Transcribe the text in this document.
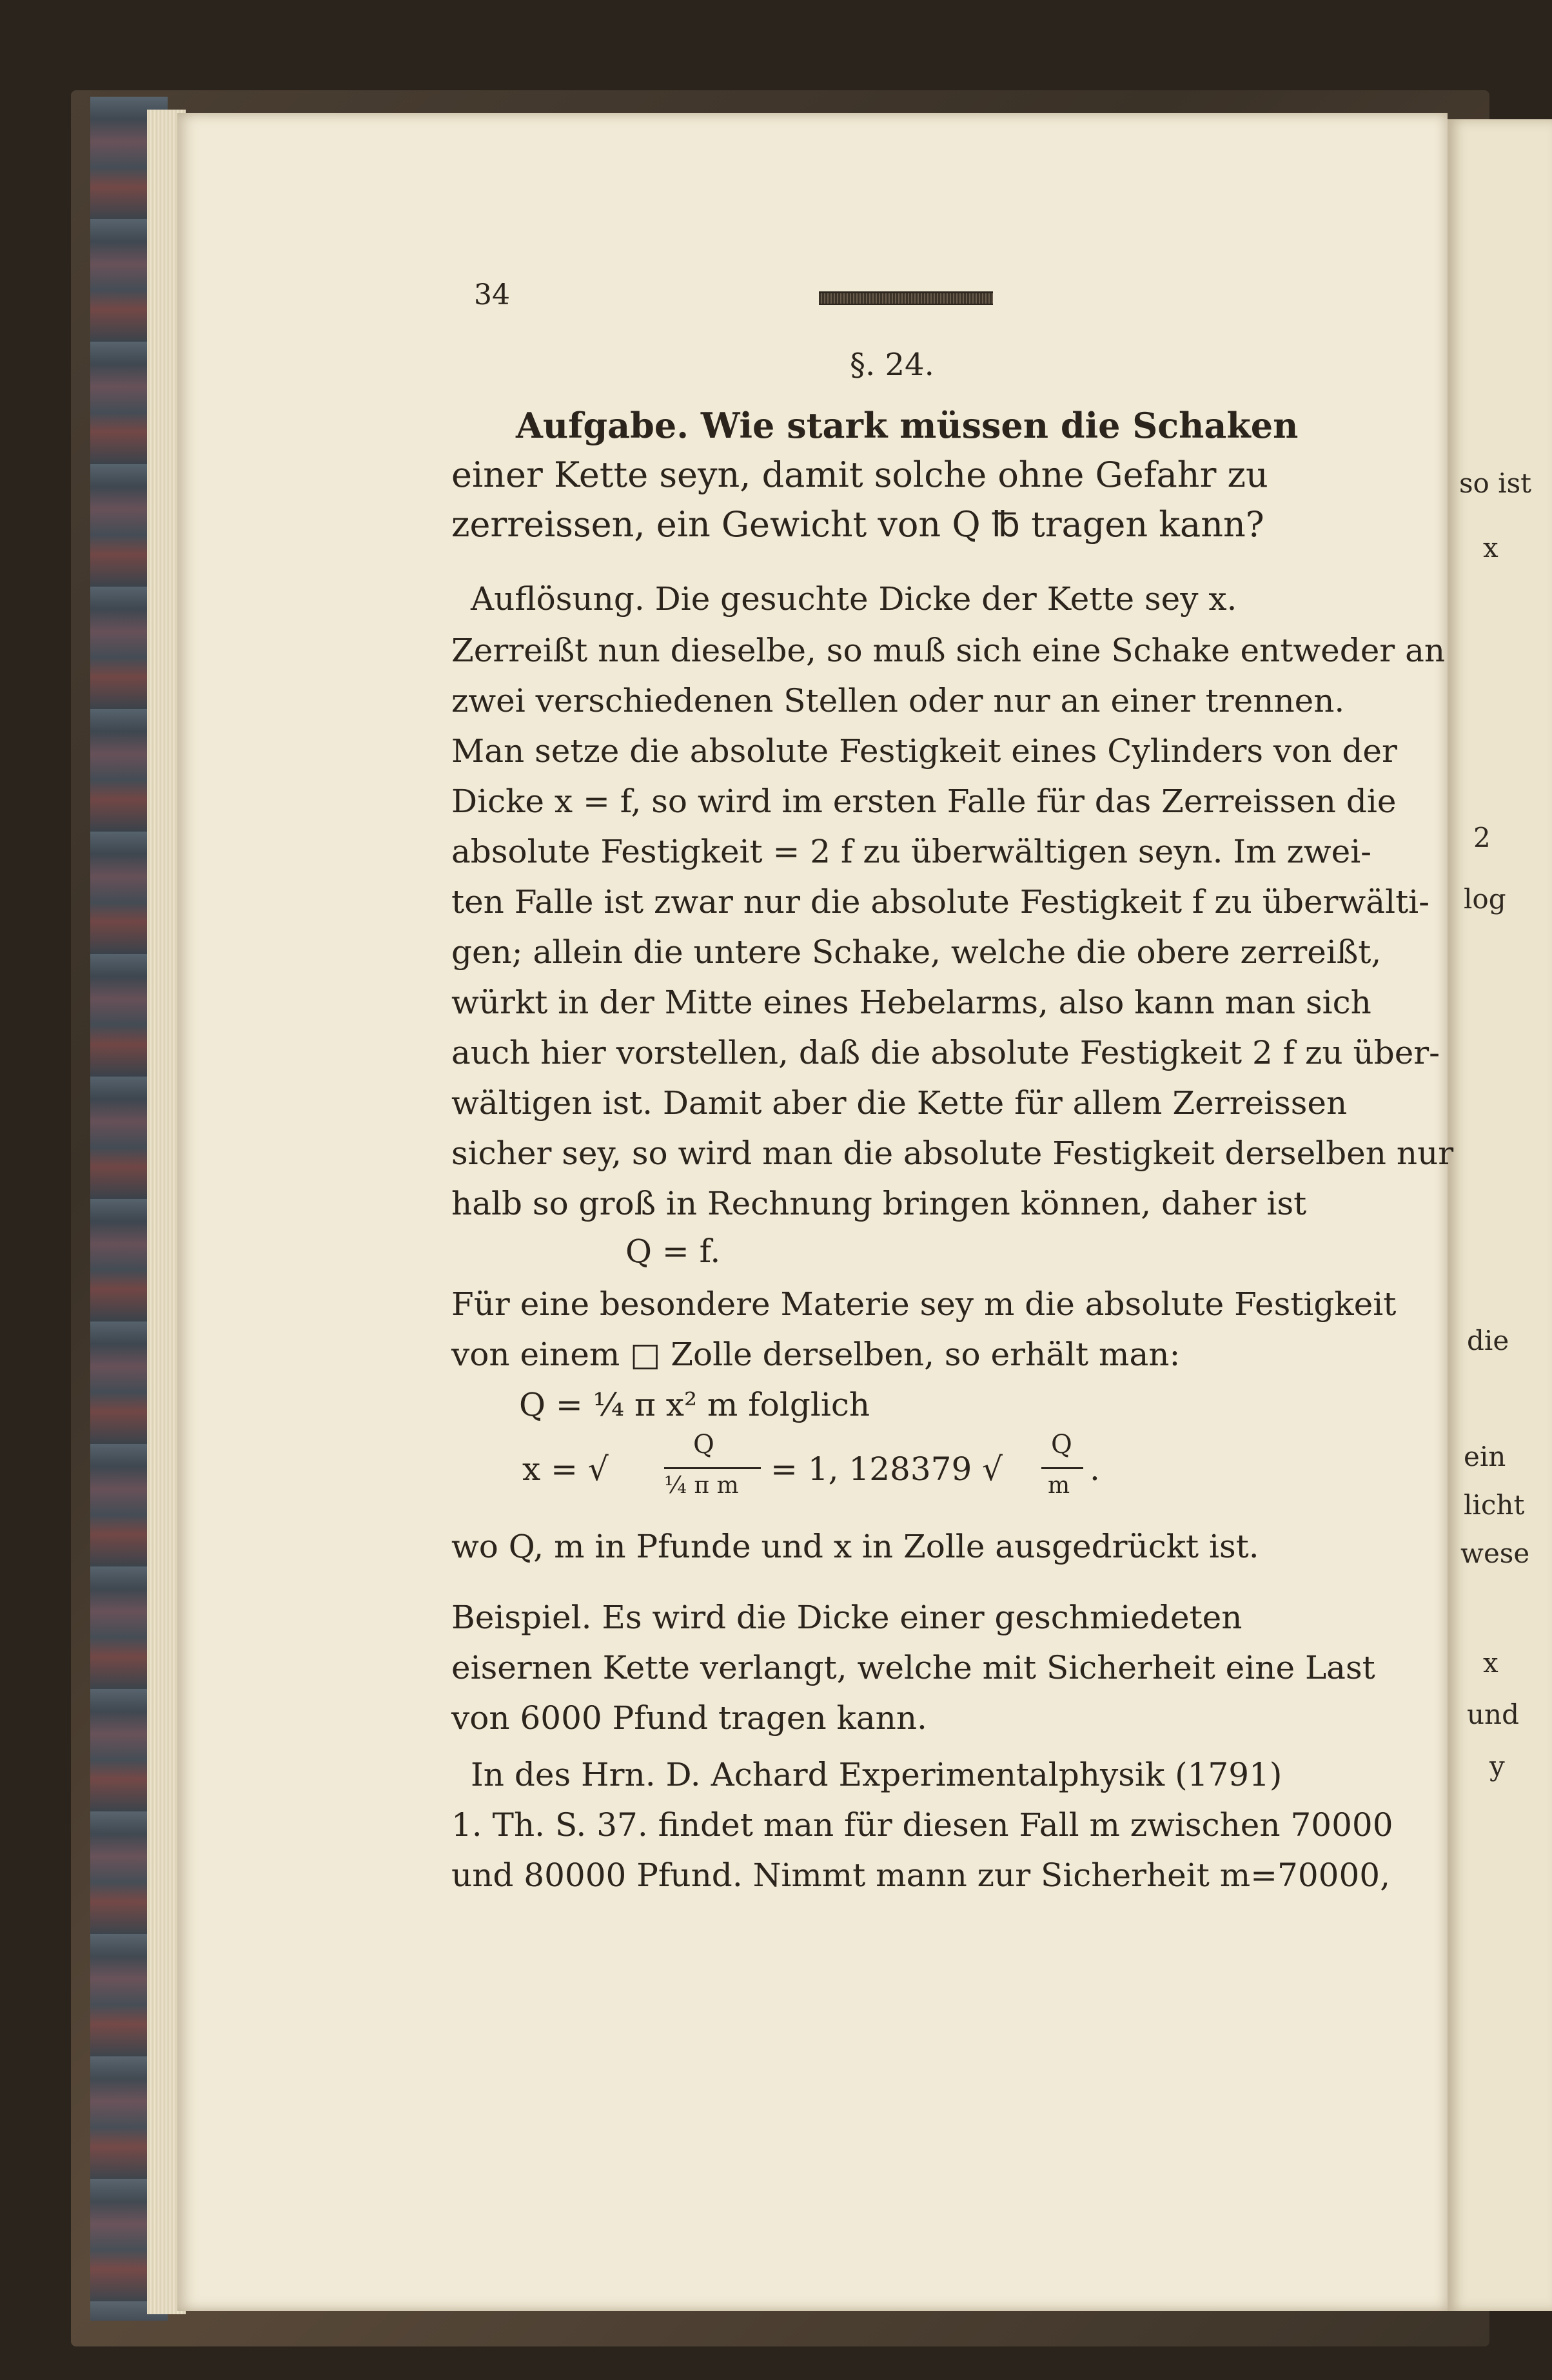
so ist
x
2
log
die
ein
licht
wese
x
und
y
34
§. 24.
Aufgabe. Wie stark müssen die Schaken
einer Kette seyn, damit solche ohne Gefahr zu
zerreissen, ein Gewicht von Q ℔ tragen kann?
Auflösung. Die gesuchte Dicke der Kette sey x.
Zerreißt nun dieselbe, so muß sich eine Schake entweder an
zwei verschiedenen Stellen oder nur an einer trennen.
Man setze die absolute Festigkeit eines Cylinders von der
Dicke x = f, so wird im ersten Falle für das Zerreissen die
absolute Festigkeit = 2 f zu überwältigen seyn. Im zwei-
ten Falle ist zwar nur die absolute Festigkeit f zu überwälti-
gen; allein die untere Schake, welche die obere zerreißt,
würkt in der Mitte eines Hebelarms, also kann man sich
auch hier vorstellen, daß die absolute Festigkeit 2 f zu über-
wältigen ist. Damit aber die Kette für allem Zerreissen
sicher sey, so wird man die absolute Festigkeit derselben nur
halb so groß in Rechnung bringen können, daher ist
Q = f.
Für eine besondere Materie sey m die absolute Festigkeit
von einem □ Zolle derselben, so erhält man:
Q = ¼ π x² m folglich
x = √
Q
¼ π m = 1, 128379 √
Q
m .
wo Q, m in Pfunde und x in Zolle ausgedrückt ist.
Beispiel. Es wird die Dicke einer geschmiedeten
eisernen Kette verlangt, welche mit Sicherheit eine Last
von 6000 Pfund tragen kann.
In des Hrn. D. Achard Experimentalphysik (1791)
1. Th. S. 37. findet man für diesen Fall m zwischen 70000
und 80000 Pfund. Nimmt mann zur Sicherheit m=70000,
